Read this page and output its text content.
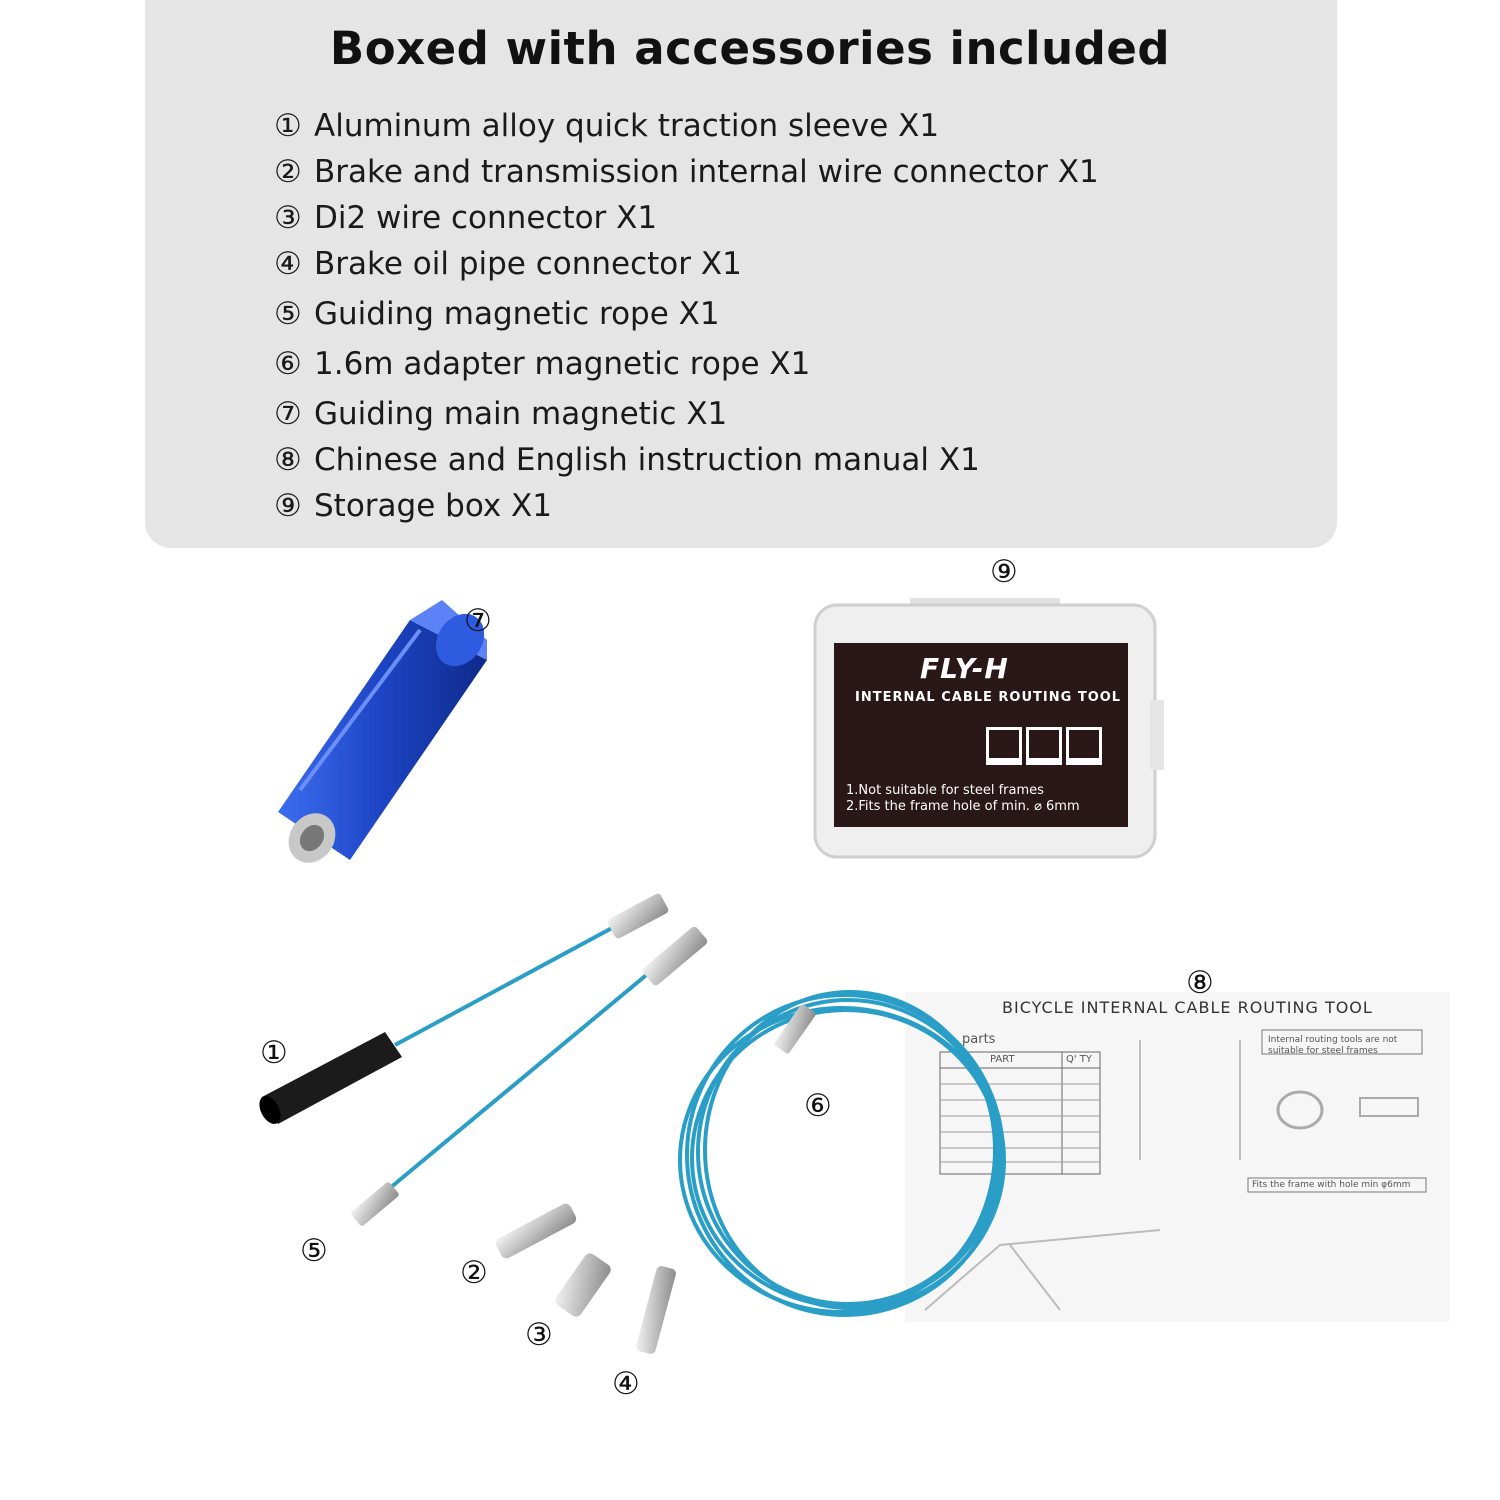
Boxed with accessories included
① Aluminum alloy quick traction sleeve X1
② Brake and transmission internal wire connector X1
③ Di2 wire connector X1
④ Brake oil pipe connector X1
⑤ Guiding magnetic rope X1
⑥ 1.6m adapter magnetic rope X1
⑦ Guiding main magnetic X1
⑧ Chinese and English instruction manual X1
⑨ Storage box X1
FLY-H
INTERNAL CABLE ROUTING TOOL
1.Not suitable for steel frames
2.Fits the frame hole of min. ⌀ 6mm
BICYCLE INTERNAL CABLE ROUTING TOOL
parts
PART	Q' TY
Internal routing tools are not suitable for steel frames
Fits the frame with hole min φ6mm
⑦
⑨
①
⑤
②
③
④
⑥
⑧
